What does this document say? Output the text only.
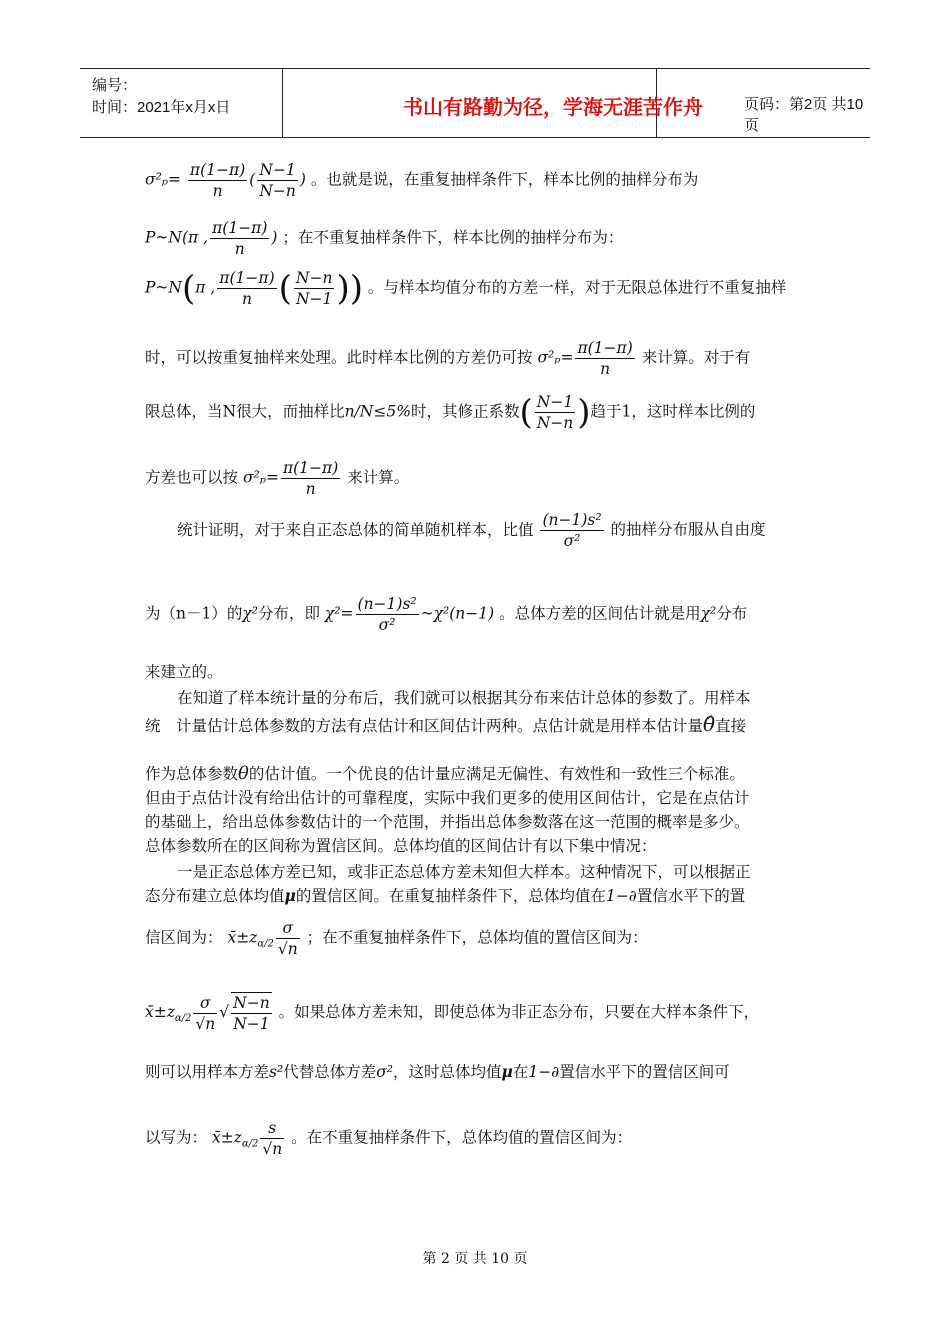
编号：
时间：2021年x月x日	书山有路勤为径，学海无涯苦作舟	页码：第2页 共10页
$\sigma^2_p= \frac{\pi(1-\pi)}{n}$ ( $\frac{N-1}{N-n}$ ) 。也就是说，在重复抽样条件下，样本比例的抽样分布为
P~N(π , $\frac{\pi(1-\pi)}{n}$ ) ；在不重复抽样条件下，样本比例的抽样分布为：
P~N(π , $\frac{\pi(1-\pi)}{n}$ ( $\frac{N-n}{N-1}$ )) 。与样本均值分布的方差一样，对于无限总体进行不重复抽样
时，可以按重复抽样来处理。此时样本比例的方差仍可按 $\sigma^2_p= \frac{\pi(1-\pi)}{n}$ 来计算。对于有
限总体，当N很大，而抽样比n/N≤5%时，其修正系数( $\frac{N-1}{N-n}$ )趋于1，这时样本比例的
方差也可以按 $\sigma^2_p= \frac{\pi(1-\pi)}{n}$ 来计算。
统计证明，对于来自正态总体的简单随机样本，比值 $\frac{\text{(n−1)s²}}{\text{σ²}}$ 的抽样分布服从自由度
为（n－1）的χ²分布，即 $\chi^2= \frac{\text{(n−1)s²}}{\text{σ²}}$ ~χ²(n−1) 。总体方差的区间估计就是用χ²分布
来建立的。
在知道了样本统计量的分布后，我们就可以根据其分布来估计总体的参数了。用样本
统　计量估计总体参数的方法有点估计和区间估计两种。点估计就是用样本估计量θ̂直接
作为总体参数θ的估计值。一个优良的估计量应满足无偏性、有效性和一致性三个标准。
但由于点估计没有给出估计的可靠程度，实际中我们更多的使用区间估计，它是在点估计
的基础上，给出总体参数估计的一个范围，并指出总体参数落在这一范围的概率是多少。
总体参数所在的区间称为置信区间。总体均值的区间估计有以下集中情况：
一是正态总体方差已知，或非正态总体方差未知但大样本。这种情况下，可以根据正
态分布建立总体均值μ的置信区间。在重复抽样条件下，总体均值在1−∂置信水平下的置
信区间为： $x̄\pm z_{\alpha/2} \frac{\sigma}{√n}$ ；在不重复抽样条件下，总体均值的置信区间为：
$x̄\pm z_{\alpha/2} \frac{\sigma}{√n}$ √ $\frac{N-n}{N-1}$ 。如果总体方差未知，即使总体为非正态分布，只要在大样本条件下，
则可以用样本方差s²代替总体方差σ²，这时总体均值μ在1−∂置信水平下的置信区间可
以写为： $x̄\pm z_{\alpha/2} \frac{s}{√n}$ 。在不重复抽样条件下，总体均值的置信区间为：
第 2 页 共 10 页
